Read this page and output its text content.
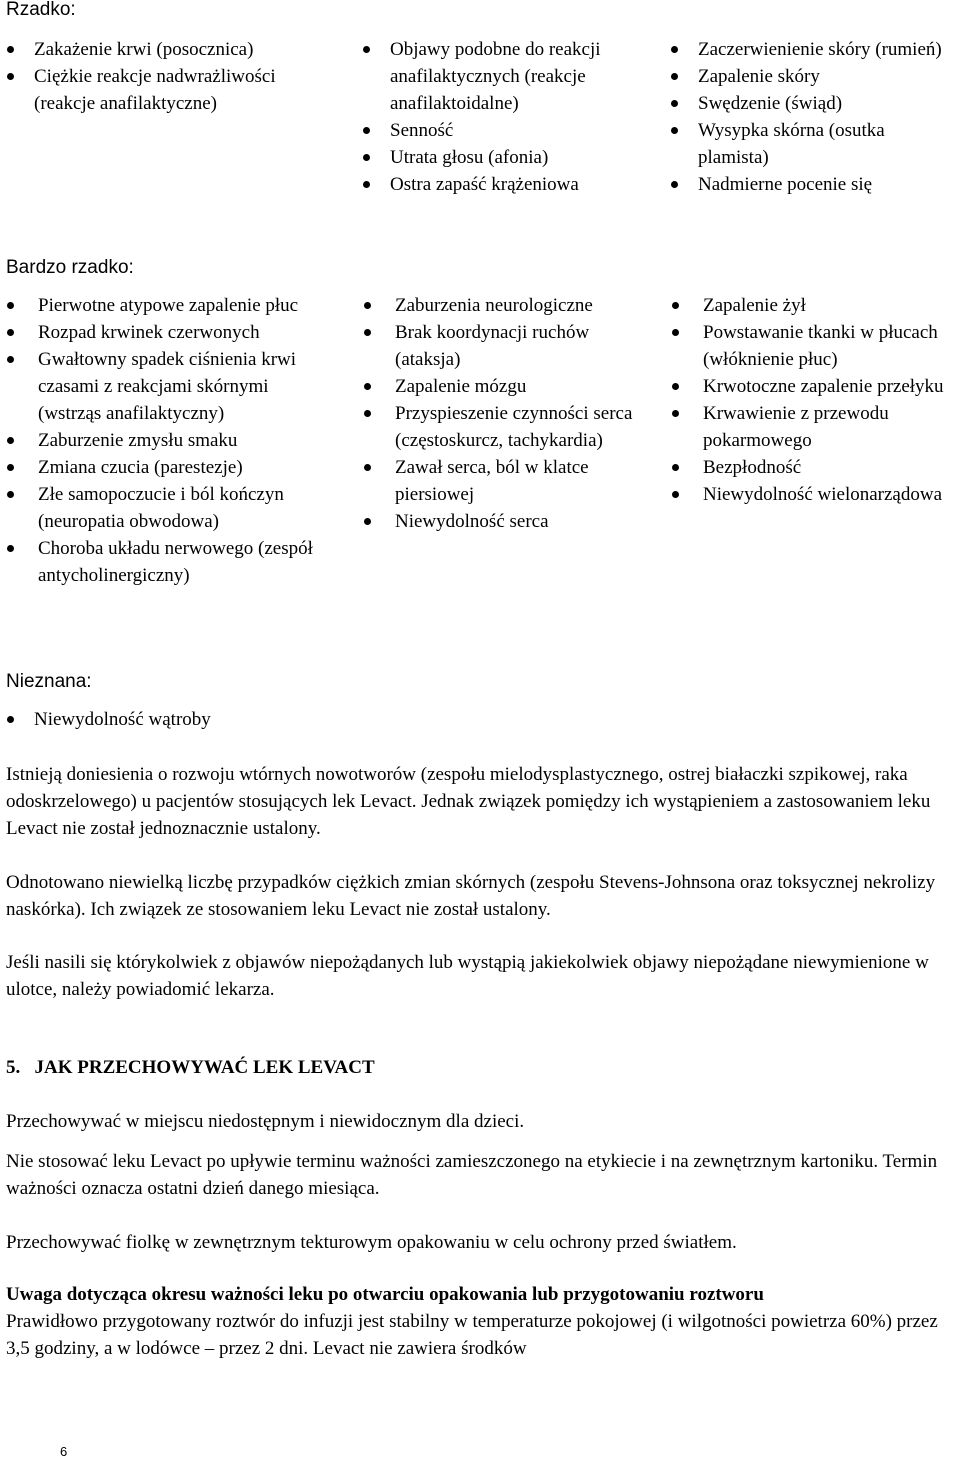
Rzadko:
Zakażenie krwi (posocznica)
Ciężkie reakcje nadwrażliwości (reakcje anafilaktyczne)
Objawy podobne do reakcji anafilaktycznych (reakcje anafilaktoidalne)
Senność
Utrata głosu (afonia)
Ostra zapaść krążeniowa
Zaczerwienienie skóry (rumień)
Zapalenie skóry
Swędzenie (świąd)
Wysypka skórna (osutka plamista)
Nadmierne pocenie się
Bardzo rzadko:
Pierwotne atypowe zapalenie płuc
Rozpad krwinek czerwonych
Gwałtowny spadek ciśnienia krwi czasami z reakcjami skórnymi (wstrząs anafilaktyczny)
Zaburzenie zmysłu smaku
Zmiana czucia (parestezje)
Złe samopoczucie i ból kończyn (neuropatia obwodowa)
Choroba układu nerwowego (zespół antycholinergiczny)
Zaburzenia neurologiczne
Brak koordynacji ruchów (ataksja)
Zapalenie mózgu
Przyspieszenie czynności serca (częstoskurcz, tachykardia)
Zawał serca, ból w klatce piersiowej
Niewydolność serca
Zapalenie żył
Powstawanie tkanki w płucach (włóknienie płuc)
Krwotoczne zapalenie przełyku
Krwawienie z przewodu pokarmowego
Bezpłodność
Niewydolność wielonarządowa
Nieznana:
Niewydolność wątroby

Istnieją doniesienia o rozwoju wtórnych nowotworów (zespołu mielodysplastycznego, ostrej białaczki szpikowej, raka odoskrzelowego) u pacjentów stosujących lek Levact. Jednak związek pomiędzy ich wystąpieniem a zastosowaniem leku Levact nie został jednoznacznie ustalony.

Odnotowano niewielką liczbę przypadków ciężkich zmian skórnych (zespołu Stevens-Johnsona oraz toksycznej nekrolizy naskórka). Ich związek ze stosowaniem leku Levact nie został ustalony.

Jeśli nasili się którykolwiek z objawów niepożądanych lub wystąpią jakiekolwiek objawy niepożądane niewymienione w ulotce, należy powiadomić lekarza.

5.   JAK PRZECHOWYWAĆ LEK LEVACT

Przechowywać w miejscu niedostępnym i niewidocznym dla dzieci.

Nie stosować leku Levact po upływie terminu ważności zamieszczonego na etykiecie i na zewnętrznym kartoniku. Termin ważności oznacza ostatni dzień danego miesiąca.

Przechowywać fiolkę w zewnętrznym tekturowym opakowaniu w celu ochrony przed światłem.

Uwaga dotycząca okresu ważności leku po otwarciu opakowania lub przygotowaniu roztworu

Prawidłowo przygotowany roztwór do infuzji jest stabilny w temperaturze pokojowej (i wilgotności powietrza 60%) przez 3,5 godziny, a w lodówce – przez 2 dni. Levact nie zawiera środków

6
